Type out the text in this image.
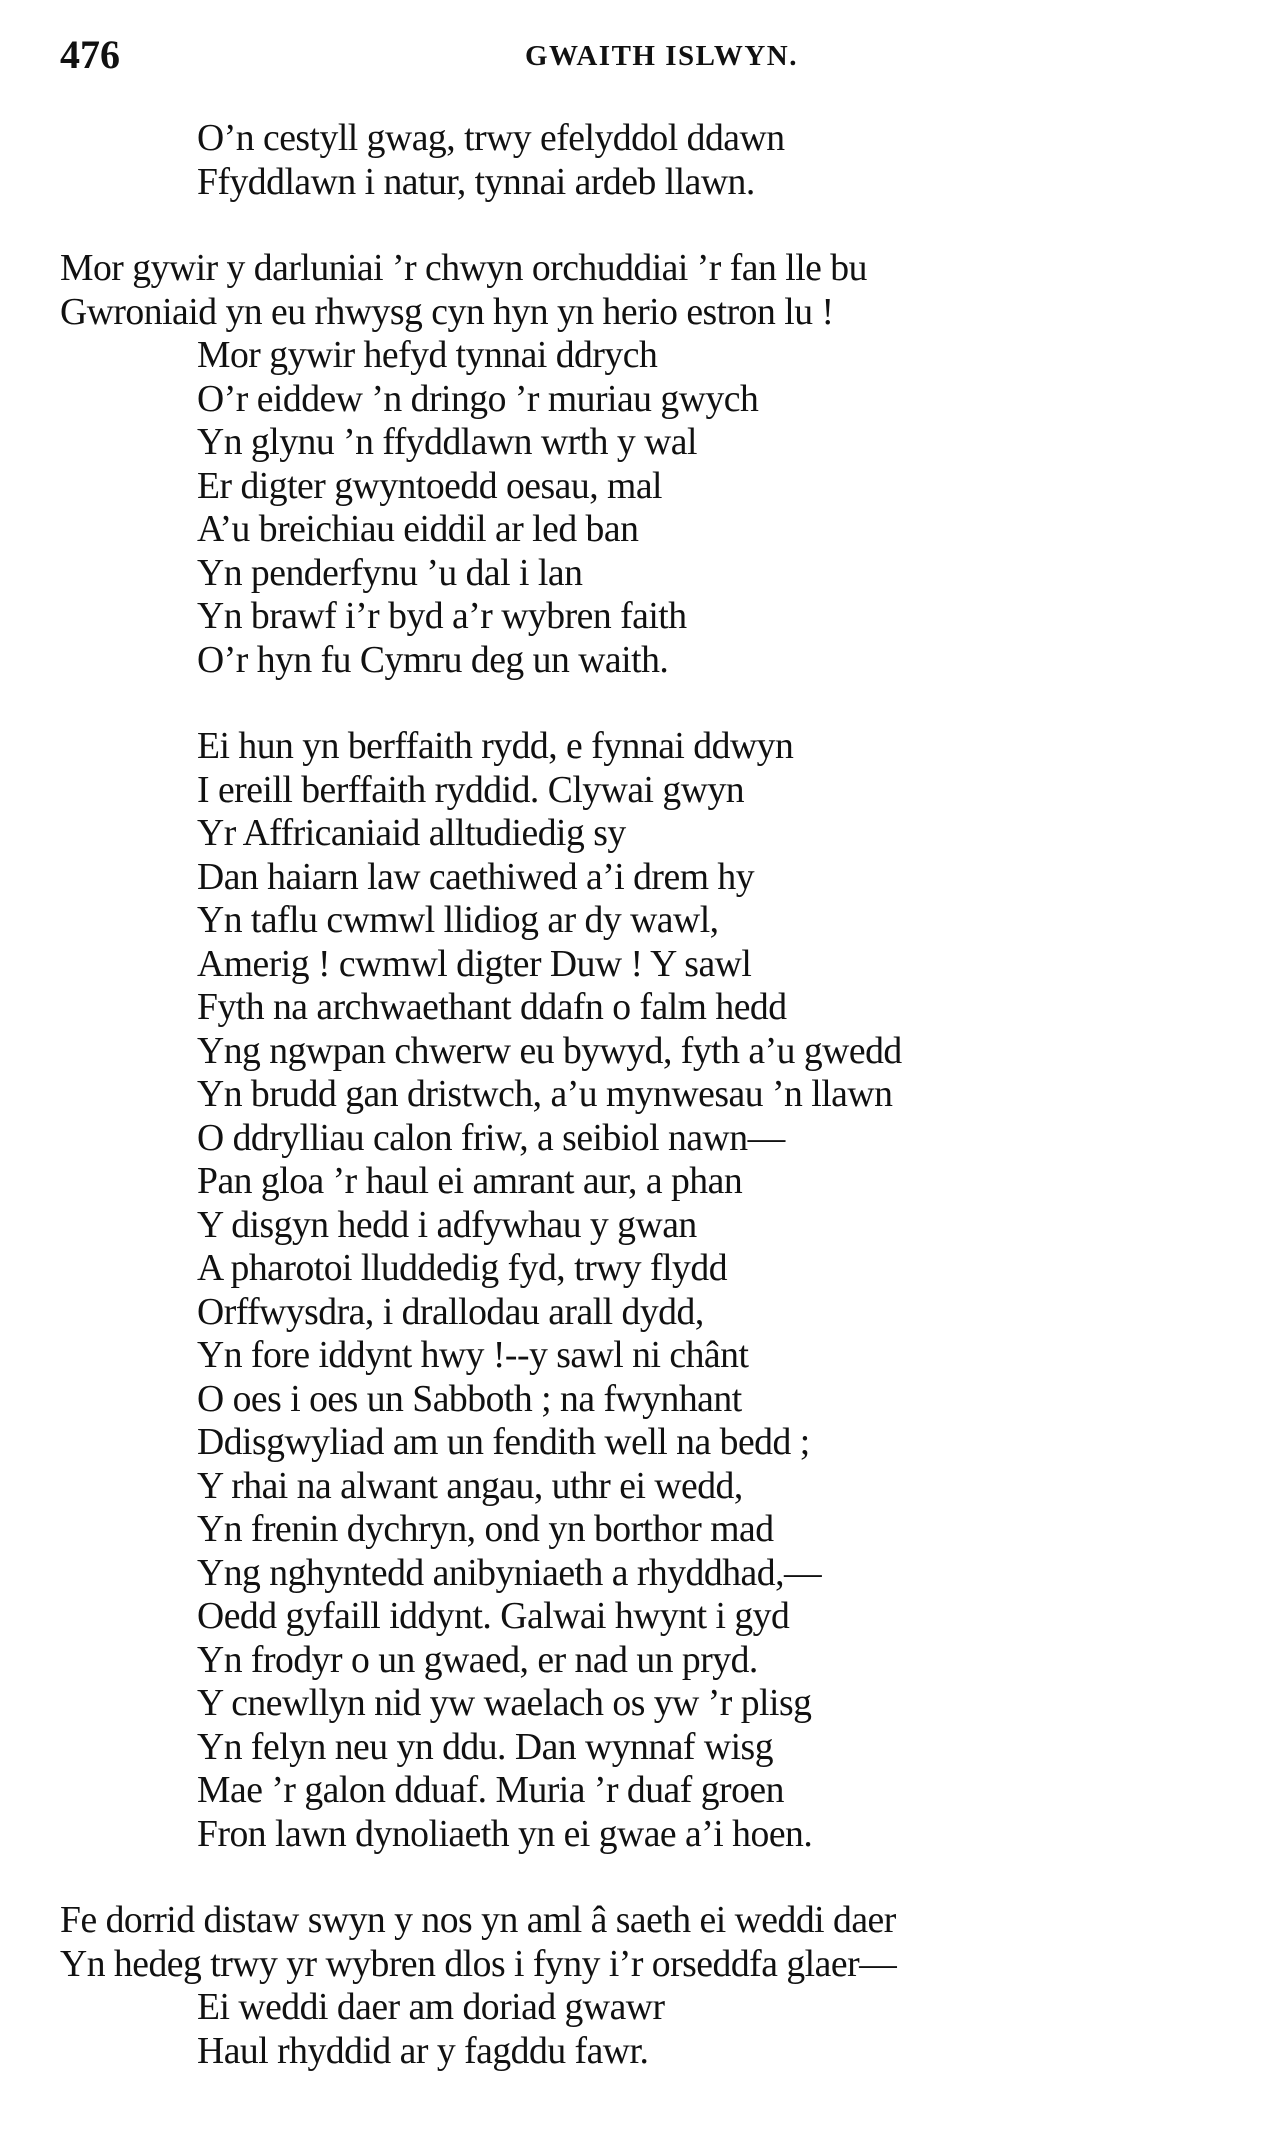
476	GWAITH ISLWYN.
O’n cestyll gwag, trwy efelyddol ddawn
Ffyddlawn i natur, tynnai ardeb llawn.
Mor gywir y darluniai ’r chwyn orchuddiai ’r fan lle bu
Gwroniaid yn eu rhwysg cyn hyn yn herio estron lu !
Mor gywir hefyd tynnai ddrych
O’r eiddew ’n dringo ’r muriau gwych
Yn glynu ’n ffyddlawn wrth y wal
Er digter gwyntoedd oesau, mal
A’u breichiau eiddil ar led ban
Yn penderfynu ’u dal i lan
Yn brawf i’r byd a’r wybren faith
O’r hyn fu Cymru deg un waith.
Ei hun yn berffaith rydd, e fynnai ddwyn
I ereill berffaith ryddid. Clywai gwyn
Yr Affricaniaid alltudiedig sy
Dan haiarn law caethiwed a’i drem hy
Yn taflu cwmwl llidiog ar dy wawl,
Amerig ! cwmwl digter Duw ! Y sawl
Fyth na archwaethant ddafn o falm hedd
Yng ngwpan chwerw eu bywyd, fyth a’u gwedd
Yn brudd gan dristwch, a’u mynwesau ’n llawn
O ddrylliau calon friw, a seibiol nawn—
Pan gloa ’r haul ei amrant aur, a phan
Y disgyn hedd i adfywhau y gwan
A pharotoi lluddedig fyd, trwy flydd
Orffwysdra, i drallodau arall dydd,
Yn fore iddynt hwy !--y sawl ni chânt
O oes i oes un Sabboth ; na fwynhant
Ddisgwyliad am un fendith well na bedd ;
Y rhai na alwant angau, uthr ei wedd,
Yn frenin dychryn, ond yn borthor mad
Yng nghyntedd anibyniaeth a rhyddhad,—
Oedd gyfaill iddynt. Galwai hwynt i gyd
Yn frodyr o un gwaed, er nad un pryd.
Y cnewllyn nid yw waelach os yw ’r plisg
Yn felyn neu yn ddu. Dan wynnaf wisg
Mae ’r galon dduaf. Muria ’r duaf groen
Fron lawn dynoliaeth yn ei gwae a’i hoen.
Fe dorrid distaw swyn y nos yn aml â saeth ei weddi daer
Yn hedeg trwy yr wybren dlos i fyny i’r orseddfa glaer—
Ei weddi daer am doriad gwawr
Haul rhyddid ar y fagddu fawr.
